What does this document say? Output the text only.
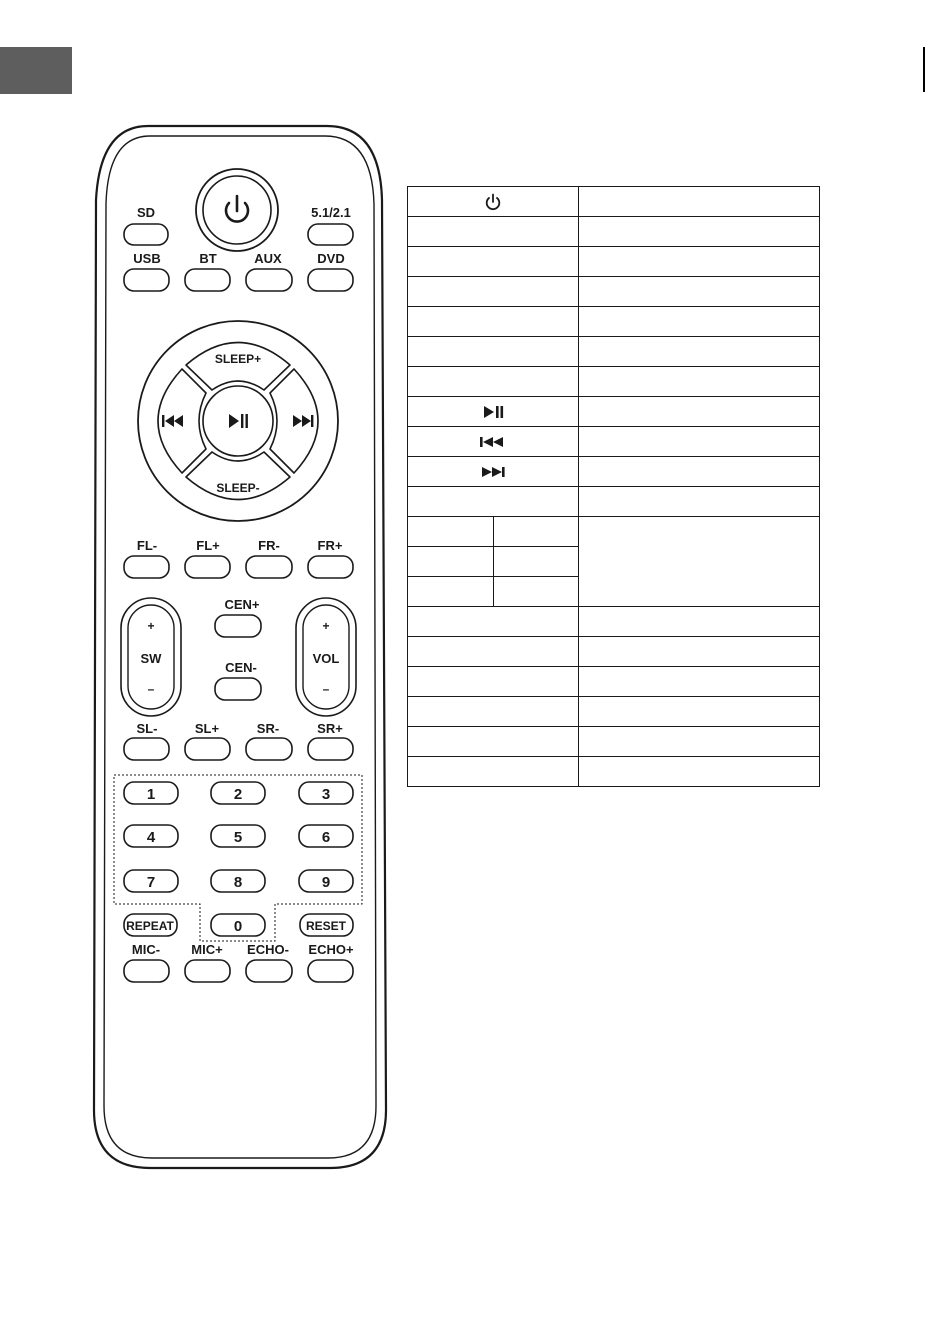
SD	5.1/2.1
USB	BT	AUX	DVD
SLEEP+
SLEEP-
FL-	FL+	FR-	FR+
+
SW
–
CEN+
CEN-
+
VOL
–
SL-	SL+	SR-	SR+
1	2	3
4	5	6
7	8	9
REPEAT	0	RESET
MIC- MIC+ ECHO- ECHO+
